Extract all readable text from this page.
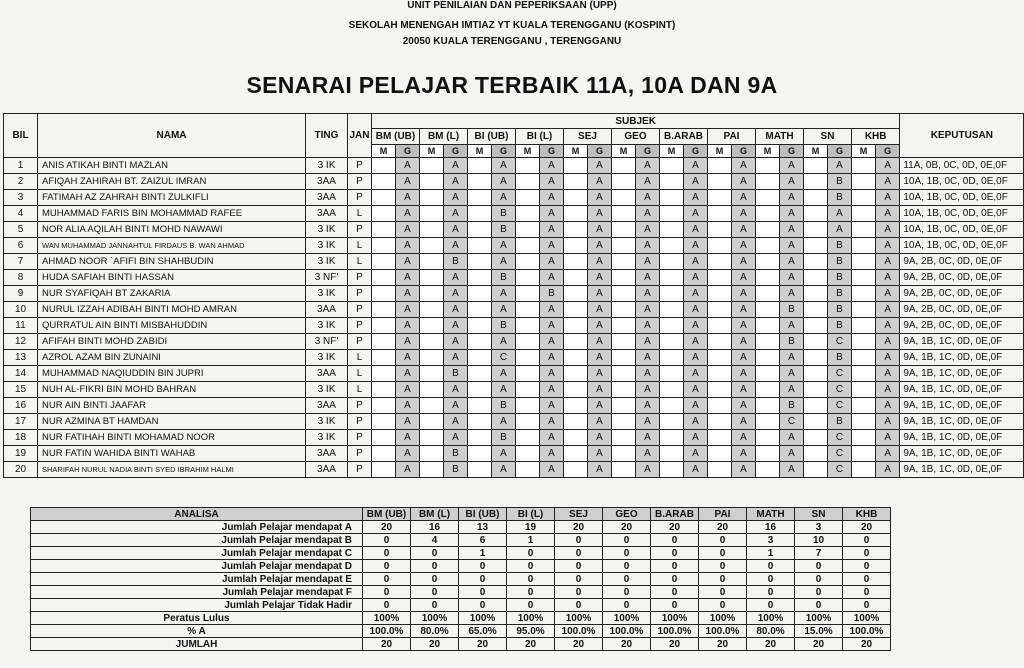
UNIT PENILAIAN DAN PEPERIKSAAN (UPP)
SEKOLAH MENENGAH IMTIAZ YT KUALA TERENGGANU (KOSPINT)
20050 KUALA TERENGGANU , TERENGGANU
SENARAI PELAJAR TERBAIK 11A, 10A DAN 9A
BIL	NAMA	TING	JAN	SUBJEK																						KEPUTUSAN
				BM (UB)		BM (L)		BI (UB)		BI (L)		SEJ		GEO		B.ARAB		PAI		MATH		SN		KHB		
				M	G	M	G	M	G	M	G	M	G	M	G	M	G	M	G	M	G	M	G	M	G	
1	ANIS ATIKAH BINTI MAZLAN	3 IK	P		A		A		A		A		A		A		A		A		A		A		A	11A, 0B, 0C, 0D, 0E,0F
2	AFIQAH ZAHIRAH BT. ZAIZUL IMRAN	3AA	P		A		A		A		A		A		A		A		A		A		B		A	10A, 1B, 0C, 0D, 0E,0F
3	FATIMAH AZ ZAHRAH BINTI ZULKIFLI	3AA	P		A		A		A		A		A		A		A		A		A		B		A	10A, 1B, 0C, 0D, 0E,0F
4	MUHAMMAD FARIS BIN MOHAMMAD RAFEE	3AA	L		A		A		B		A		A		A		A		A		A		A		A	10A, 1B, 0C, 0D, 0E,0F
5	NOR ALIA AQILAH BINTI MOHD NAWAWI	3 IK	P		A		A		B		A		A		A		A		A		A		A		A	10A, 1B, 0C, 0D, 0E,0F
6	WAN MUHAMMAD JANNAHTUL FIRDAUS B. WAN AHMAD	3 IK	L		A		A		A		A		A		A		A		A		A		B		A	10A, 1B, 0C, 0D, 0E,0F
7	AHMAD NOOR `AFIFI BIN SHAHBUDIN	3 IK	L		A		B		A		A		A		A		A		A		A		B		A	9A, 2B, 0C, 0D, 0E,0F
8	HUDA SAFIAH BINTI HASSAN	3 NF'	P		A		A		B		A		A		A		A		A		A		B		A	9A, 2B, 0C, 0D, 0E,0F
9	NUR SYAFIQAH BT ZAKARIA	3 IK	P		A		A		A		B		A		A		A		A		A		B		A	9A, 2B, 0C, 0D, 0E,0F
10	NURUL IZZAH ADIBAH BINTI MOHD AMRAN	3AA	P		A		A		A		A		A		A		A		A		B		B		A	9A, 2B, 0C, 0D, 0E,0F
11	QURRATUL AIN BINTI MISBAHUDDIN	3 IK	P		A		A		B		A		A		A		A		A		A		B		A	9A, 2B, 0C, 0D, 0E,0F
12	AFIFAH BINTI MOHD ZABIDI	3 NF'	P		A		A		A		A		A		A		A		A		B		C		A	9A, 1B, 1C, 0D, 0E,0F
13	AZROL AZAM BIN ZUNAINI	3 IK	L		A		A		C		A		A		A		A		A		A		B		A	9A, 1B, 1C, 0D, 0E,0F
14	MUHAMMAD NAQIUDDIN BIN JUPRI	3AA	L		A		B		A		A		A		A		A		A		A		C		A	9A, 1B, 1C, 0D, 0E,0F
15	NUH AL-FIKRI BIN MOHD BAHRAN	3 IK	L		A		A		A		A		A		A		A		A		A		C		A	9A, 1B, 1C, 0D, 0E,0F
16	NUR AIN BINTI JAAFAR	3AA	P		A		A		B		A		A		A		A		A		B		C		A	9A, 1B, 1C, 0D, 0E,0F
17	NUR AZMINA BT HAMDAN	3 IK	P		A		A		A		A		A		A		A		A		C		B		A	9A, 1B, 1C, 0D, 0E,0F
18	NUR FATIHAH BINTI MOHAMAD NOOR	3 IK	P		A		A		B		A		A		A		A		A		A		C		A	9A, 1B, 1C, 0D, 0E,0F
19	NUR FATIN WAHIDA BINTI WAHAB	3AA	P		A		B		A		A		A		A		A		A		A		C		A	9A, 1B, 1C, 0D, 0E,0F
20	SHARIFAH NURUL NADIA BINTI SYED IBRAHIM HALMI	3AA	P		A		B		A		A		A		A		A		A		A		C		A	9A, 1B, 1C, 0D, 0E,0F
ANALISA	BM (UB)	BM (L)	BI (UB)	BI (L)	SEJ	GEO	B.ARAB	PAI	MATH	SN	KHB
Jumlah Pelajar mendapat A	20	16	13	19	20	20	20	20	16	3	20
Jumlah Pelajar mendapat B	0	4	6	1	0	0	0	0	3	10	0
Jumlah Pelajar mendapat C	0	0	1	0	0	0	0	0	1	7	0
Jumlah Pelajar mendapat D	0	0	0	0	0	0	0	0	0	0	0
Jumlah Pelajar mendapat E	0	0	0	0	0	0	0	0	0	0	0
Jumlah Pelajar mendapat F	0	0	0	0	0	0	0	0	0	0	0
Jumlah Pelajar Tidak Hadir	0	0	0	0	0	0	0	0	0	0	0
Peratus Lulus	100%	100%	100%	100%	100%	100%	100%	100%	100%	100%	100%
% A	100.0%	80.0%	65.0%	95.0%	100.0%	100.0%	100.0%	100.0%	80.0%	15.0%	100.0%
JUMLAH	20	20	20	20	20	20	20	20	20	20	20
